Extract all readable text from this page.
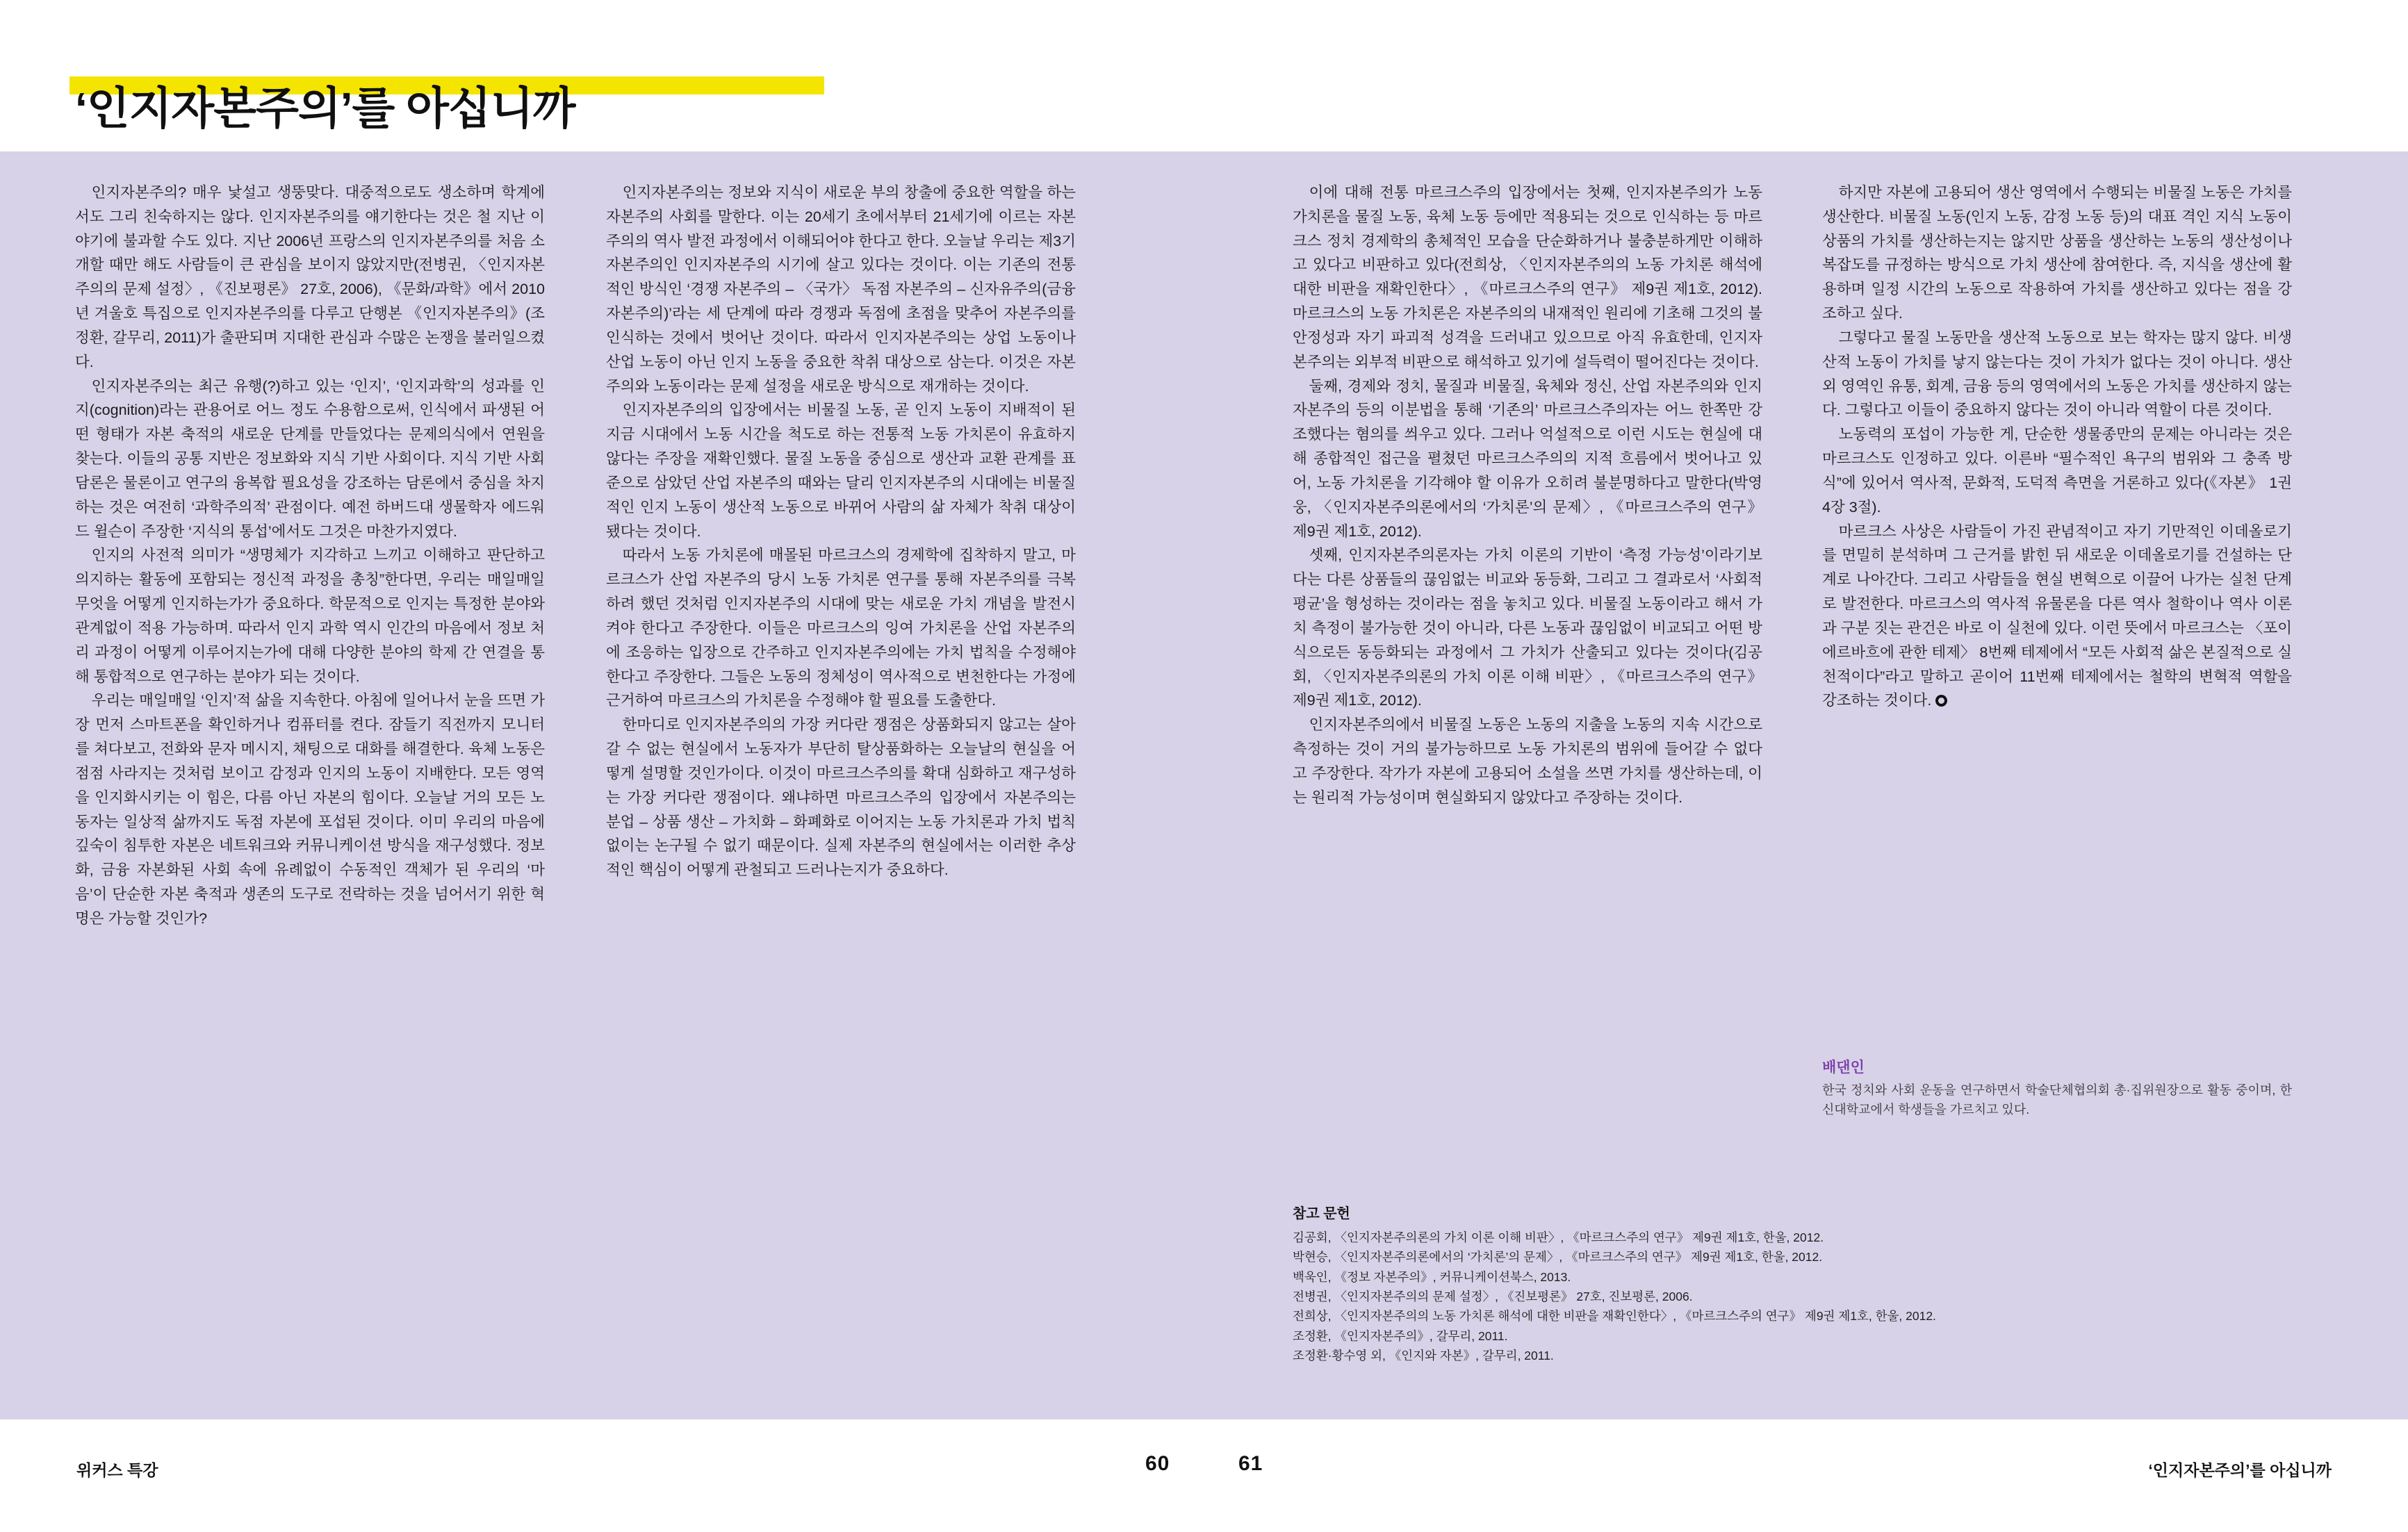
‘인지자본주의’를 아십니까

인지자본주의? 매우 낯설고 생뚱맞다. 대중적으로도 생소하며 학계에서도 그리 친숙하지는 않다. 인지자본주의를 얘기한다는 것은 철 지난 이야기에 불과할 수도 있다. 지난 2006년 프랑스의 인지자본주의를 처음 소개할 때만 해도 사람들이 큰 관심을 보이지 않았지만(전병권, 〈인지자본주의의 문제 설정〉, 《진보평론》 27호, 2006), 《문화/과학》에서 2010년 겨울호 특집으로 인지자본주의를 다루고 단행본 《인지자본주의》(조정환, 갈무리, 2011)가 출판되며 지대한 관심과 수많은 논쟁을 불러일으켰다.

인지자본주의는 최근 유행(?)하고 있는 ‘인지’, ‘인지과학’의 성과를 인지(cognition)라는 관용어로 어느 정도 수용함으로써, 인식에서 파생된 어떤 형태가 자본 축적의 새로운 단계를 만들었다는 문제의식에서 연원을 찾는다. 이들의 공통 지반은 정보화와 지식 기반 사회이다. 지식 기반 사회 담론은 물론이고 연구의 융복합 필요성을 강조하는 담론에서 중심을 차지하는 것은 여전히 ‘과학주의적’ 관점이다. 예전 하버드대 생물학자 에드워드 윌슨이 주장한 ‘지식의 통섭’에서도 그것은 마찬가지였다.

인지의 사전적 의미가 “생명체가 지각하고 느끼고 이해하고 판단하고 의지하는 활동에 포함되는 정신적 과정을 총칭”한다면, 우리는 매일매일 무엇을 어떻게 인지하는가가 중요하다. 학문적으로 인지는 특정한 분야와 관계없이 적용 가능하며. 따라서 인지 과학 역시 인간의 마음에서 정보 처리 과정이 어떻게 이루어지는가에 대해 다양한 분야의 학제 간 연결을 통해 통합적으로 연구하는 분야가 되는 것이다.

우리는 매일매일 ‘인지’적 삶을 지속한다. 아침에 일어나서 눈을 뜨면 가장 먼저 스마트폰을 확인하거나 컴퓨터를 켠다. 잠들기 직전까지 모니터를 쳐다보고, 전화와 문자 메시지, 채팅으로 대화를 해결한다. 육체 노동은 점점 사라지는 것처럼 보이고 감정과 인지의 노동이 지배한다. 모든 영역을 인지화시키는 이 힘은, 다름 아닌 자본의 힘이다. 오늘날 거의 모든 노동자는 일상적 삶까지도 독점 자본에 포섭된 것이다. 이미 우리의 마음에 깊숙이 침투한 자본은 네트워크와 커뮤니케이션 방식을 재구성했다. 정보화, 금융 자본화된 사회 속에 유례없이 수동적인 객체가 된 우리의 ‘마음’이 단순한 자본 축적과 생존의 도구로 전락하는 것을 넘어서기 위한 혁명은 가능할 것인가?

인지자본주의는 정보와 지식이 새로운 부의 창출에 중요한 역할을 하는 자본주의 사회를 말한다. 이는 20세기 초에서부터 21세기에 이르는 자본주의의 역사 발전 과정에서 이해되어야 한다고 한다. 오늘날 우리는 제3기 자본주의인 인지자본주의 시기에 살고 있다는 것이다. 이는 기존의 전통적인 방식인 ‘경쟁 자본주의 – 〈국가〉 독점 자본주의 – 신자유주의(금융 자본주의)’라는 세 단계에 따라 경쟁과 독점에 초점을 맞추어 자본주의를 인식하는 것에서 벗어난 것이다. 따라서 인지자본주의는 상업 노동이나 산업 노동이 아닌 인지 노동을 중요한 착취 대상으로 삼는다. 이것은 자본주의와 노동이라는 문제 설정을 새로운 방식으로 재개하는 것이다.

인지자본주의의 입장에서는 비물질 노동, 곧 인지 노동이 지배적이 된 지금 시대에서 노동 시간을 척도로 하는 전통적 노동 가치론이 유효하지 않다는 주장을 재확인했다. 물질 노동을 중심으로 생산과 교환 관계를 표준으로 삼았던 산업 자본주의 때와는 달리 인지자본주의 시대에는 비물질적인 인지 노동이 생산적 노동으로 바뀌어 사람의 삶 자체가 착취 대상이 됐다는 것이다.

따라서 노동 가치론에 매몰된 마르크스의 경제학에 집착하지 말고, 마르크스가 산업 자본주의 당시 노동 가치론 연구를 통해 자본주의를 극복하려 했던 것처럼 인지자본주의 시대에 맞는 새로운 가치 개념을 발전시켜야 한다고 주장한다. 이들은 마르크스의 잉여 가치론을 산업 자본주의에 조응하는 입장으로 간주하고 인지자본주의에는 가치 법칙을 수정해야 한다고 주장한다. 그들은 노동의 정체성이 역사적으로 변천한다는 가정에 근거하여 마르크스의 가치론을 수정해야 할 필요를 도출한다.

한마디로 인지자본주의의 가장 커다란 쟁점은 상품화되지 않고는 살아갈 수 없는 현실에서 노동자가 부단히 탈상품화하는 오늘날의 현실을 어떻게 설명할 것인가이다. 이것이 마르크스주의를 확대 심화하고 재구성하는 가장 커다란 쟁점이다. 왜냐하면 마르크스주의 입장에서 자본주의는 분업 – 상품 생산 – 가치화 – 화폐화로 이어지는 노동 가치론과 가치 법칙 없이는 논구될 수 없기 때문이다. 실제 자본주의 현실에서는 이러한 추상적인 핵심이 어떻게 관철되고 드러나는지가 중요하다.

이에 대해 전통 마르크스주의 입장에서는 첫째, 인지자본주의가 노동 가치론을 물질 노동, 육체 노동 등에만 적용되는 것으로 인식하는 등 마르크스 정치 경제학의 총체적인 모습을 단순화하거나 불충분하게만 이해하고 있다고 비판하고 있다(전희상, 〈인지자본주의의 노동 가치론 해석에 대한 비판을 재확인한다〉, 《마르크스주의 연구》 제9권 제1호, 2012). 마르크스의 노동 가치론은 자본주의의 내재적인 원리에 기초해 그것의 불안정성과 자기 파괴적 성격을 드러내고 있으므로 아직 유효한데, 인지자본주의는 외부적 비판으로 해석하고 있기에 설득력이 떨어진다는 것이다.

둘째, 경제와 정치, 물질과 비물질, 육체와 정신, 산업 자본주의와 인지자본주의 등의 이분법을 통해 ‘기존의’ 마르크스주의자는 어느 한쪽만 강조했다는 혐의를 씌우고 있다. 그러나 억설적으로 이런 시도는 현실에 대해 종합적인 접근을 펼쳤던 마르크스주의의 지적 흐름에서 벗어나고 있어, 노동 가치론을 기각해야 할 이유가 오히려 불분명하다고 말한다(박영웅, 〈인지자본주의론에서의 ‘가치론’의 문제〉, 《마르크스주의 연구》 제9권 제1호, 2012).

셋째, 인지자본주의론자는 가치 이론의 기반이 ‘측정 가능성’이라기보다는 다른 상품들의 끊임없는 비교와 동등화, 그리고 그 결과로서 ‘사회적 평균’을 형성하는 것이라는 점을 놓치고 있다. 비물질 노동이라고 해서 가치 측정이 불가능한 것이 아니라, 다른 노동과 끊임없이 비교되고 어떤 방식으로든 동등화되는 과정에서 그 가치가 산출되고 있다는 것이다(김공회, 〈인지자본주의론의 가치 이론 이해 비판〉, 《마르크스주의 연구》 제9권 제1호, 2012).

인지자본주의에서 비물질 노동은 노동의 지출을 노동의 지속 시간으로 측정하는 것이 거의 불가능하므로 노동 가치론의 범위에 들어갈 수 없다고 주장한다. 작가가 자본에 고용되어 소설을 쓰면 가치를 생산하는데, 이는 원리적 가능성이며 현실화되지 않았다고 주장하는 것이다.

하지만 자본에 고용되어 생산 영역에서 수행되는 비물질 노동은 가치를 생산한다. 비물질 노동(인지 노동, 감정 노동 등)의 대표 격인 지식 노동이 상품의 가치를 생산하는지는 않지만 상품을 생산하는 노동의 생산성이나 복잡도를 규정하는 방식으로 가치 생산에 참여한다. 즉, 지식을 생산에 활용하며 일정 시간의 노동으로 작용하여 가치를 생산하고 있다는 점을 강조하고 싶다.

그렇다고 물질 노동만을 생산적 노동으로 보는 학자는 많지 않다. 비생산적 노동이 가치를 낳지 않는다는 것이 가치가 없다는 것이 아니다. 생산 외 영역인 유통, 회계, 금융 등의 영역에서의 노동은 가치를 생산하지 않는다. 그렇다고 이들이 중요하지 않다는 것이 아니라 역할이 다른 것이다.

노동력의 포섭이 가능한 게, 단순한 생물종만의 문제는 아니라는 것은 마르크스도 인정하고 있다. 이른바 “필수적인 욕구의 범위와 그 충족 방식”에 있어서 역사적, 문화적, 도덕적 측면을 거론하고 있다(《자본》 1권 4장 3절).

마르크스 사상은 사람들이 가진 관념적이고 자기 기만적인 이데올로기를 면밀히 분석하며 그 근거를 밝힌 뒤 새로운 이데올로기를 건설하는 단계로 나아간다. 그리고 사람들을 현실 변혁으로 이끌어 나가는 실천 단계로 발전한다. 마르크스의 역사적 유물론을 다른 역사 철학이나 역사 이론과 구분 짓는 관건은 바로 이 실천에 있다. 이런 뜻에서 마르크스는 〈포이에르바흐에 관한 테제〉 8번째 테제에서 “모든 사회적 삶은 본질적으로 실천적이다”라고 말하고 곧이어 11번째 테제에서는 철학의 변혁적 역할을 강조하는 것이다.

배댄인
한국 정치와 사회 운동을 연구하면서 학술단체협의회 총·집위원장으로 활동 중이며, 한신대학교에서 학생들을 가르치고 있다.
참고 문헌
김공회, 〈인지자본주의론의 가치 이론 이해 비판〉, 《마르크스주의 연구》 제9권 제1호, 한울, 2012.
박현승, 〈인지자본주의론에서의 ‘가치론’의 문제〉, 《마르크스주의 연구》 제9권 제1호, 한울, 2012.
백욱인, 《정보 자본주의》, 커뮤니케이션북스, 2013.
전병권, 〈인지자본주의의 문제 설정〉, 《진보평론》 27호, 진보평론, 2006.
전희상, 〈인지자본주의의 노동 가치론 해석에 대한 비판을 재확인한다〉, 《마르크스주의 연구》 제9권 제1호, 한울, 2012.
조정환, 《인지자본주의》, 갈무리, 2011.
조정환·황수영 외, 《인지와 자본》, 갈무리, 2011.
위커스 특강	60	61	‘인지자본주의’를 아십니까
